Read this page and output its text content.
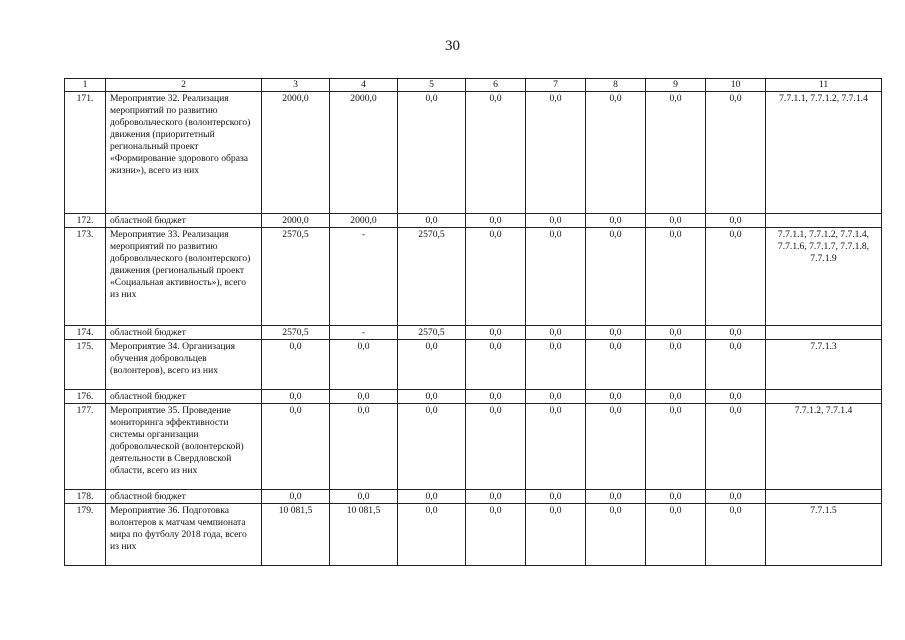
30
1	2	3	4	5	6	7	8	9	10	11
171.	Мероприятие 32. Реализация мероприятий по развитию добровольческого (волонтерского) движения (приоритетный региональный проект «Формирование здорового образа жизни»), всего из них	2000,0	2000,0	0,0	0,0	0,0	0,0	0,0	0,0	7.7.1.1, 7.7.1.2, 7.7.1.4
172.	областной бюджет	2000,0	2000,0	0,0	0,0	0,0	0,0	0,0	0,0	
173.	Мероприятие 33. Реализация мероприятий по развитию добровольческого (волонтерского) движения (региональный проект «Социальная активность»), всего из них	2570,5	-	2570,5	0,0	0,0	0,0	0,0	0,0	7.7.1.1, 7.7.1.2, 7.7.1.4, 7.7.1.6, 7.7.1.7, 7.7.1.8, 7.7.1.9
174.	областной бюджет	2570,5	-	2570,5	0,0	0,0	0,0	0,0	0,0	
175.	Мероприятие 34. Организация обучения добровольцев (волонтеров), всего из них	0,0	0,0	0,0	0,0	0,0	0,0	0,0	0,0	7.7.1.3
176.	областной бюджет	0,0	0,0	0,0	0,0	0,0	0,0	0,0	0,0	
177.	Мероприятие 35. Проведение мониторинга эффективности системы организации добровольческой (волонтерской) деятельности в Свердловской области, всего из них	0,0	0,0	0,0	0,0	0,0	0,0	0,0	0,0	7.7.1.2, 7.7.1.4
178.	областной бюджет	0,0	0,0	0,0	0,0	0,0	0,0	0,0	0,0	
179.	Мероприятие 36. Подготовка волонтеров к матчам чемпионата мира по футболу 2018 года, всего из них	10 081,5	10 081,5	0,0	0,0	0,0	0,0	0,0	0,0	7.7.1.5
